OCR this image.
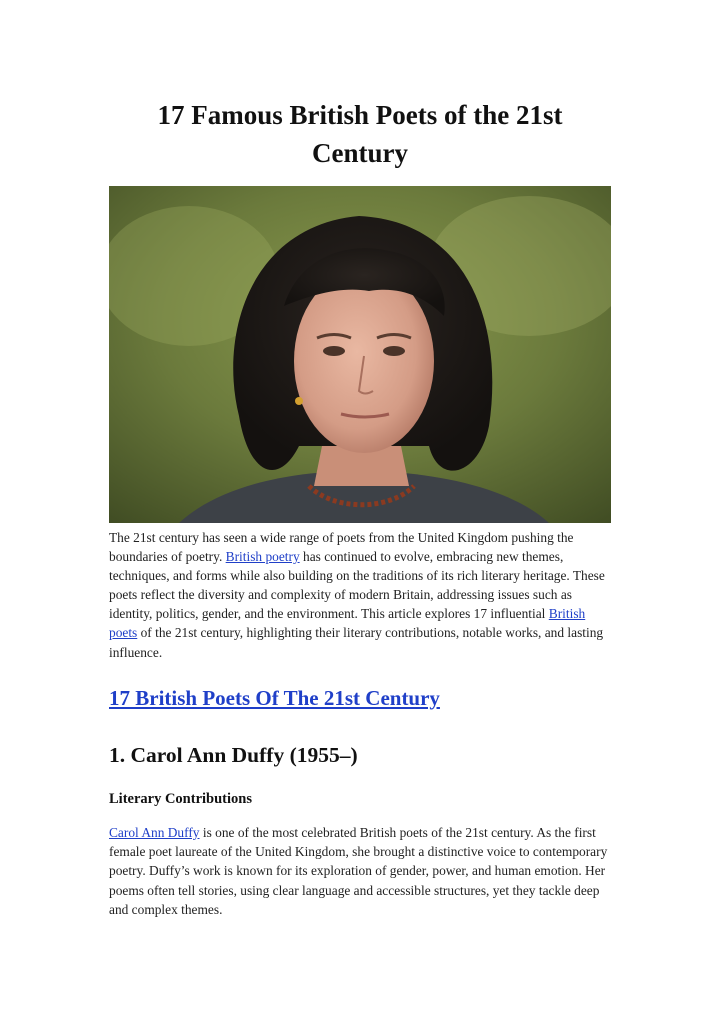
17 Famous British Poets of the 21st Century

The 21st century has seen a wide range of poets from the United Kingdom pushing the boundaries of poetry. British poetry has continued to evolve, embracing new themes, techniques, and forms while also building on the traditions of its rich literary heritage. These poets reflect the diversity and complexity of modern Britain, addressing issues such as identity, politics, gender, and the environment. This article explores 17 influential British poets of the 21st century, highlighting their literary contributions, notable works, and lasting influence.

17 British Poets Of The 21st Century
1. Carol Ann Duffy (1955–)
Literary Contributions

Carol Ann Duffy is one of the most celebrated British poets of the 21st century. As the first female poet laureate of the United Kingdom, she brought a distinctive voice to contemporary poetry. Duffy’s work is known for its exploration of gender, power, and human emotion. Her poems often tell stories, using clear language and accessible structures, yet they tackle deep and complex themes.
